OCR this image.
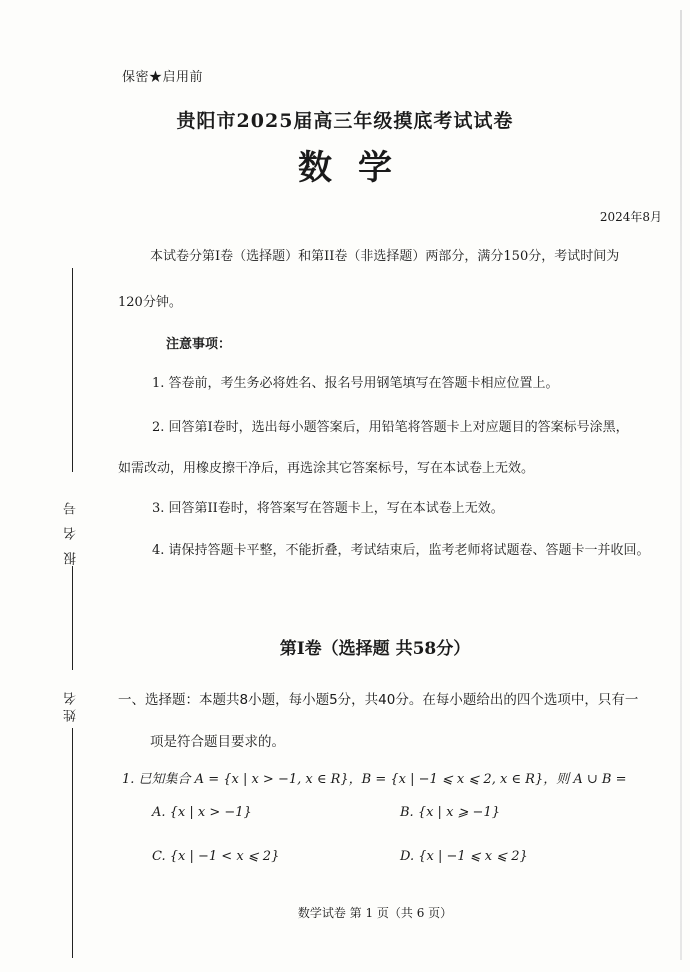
报名号
姓名
保密★启用前
贵阳市2025届高三年级摸底考试试卷
数学
2024年8月
本试卷分第I卷（选择题）和第II卷（非选择题）两部分，满分150分，考试时间为
120分钟。
注意事项：
1. 答卷前，考生务必将姓名、报名号用钢笔填写在答题卡相应位置上。
2. 回答第I卷时，选出每小题答案后，用铅笔将答题卡上对应题目的答案标号涂黑，
如需改动，用橡皮擦干净后，再选涂其它答案标号，写在本试卷上无效。
3. 回答第II卷时，将答案写在答题卡上，写在本试卷上无效。
4. 请保持答题卡平整，不能折叠，考试结束后，监考老师将试题卷、答题卡一并收回。
第I卷（选择题 共58分）
一、选择题：本题共8小题，每小题5分，共40分。在每小题给出的四个选项中，只有一
项是符合题目要求的。
1. 已知集合 A = {x | x > −1, x ∈ R}，B = {x | −1 ⩽ x ⩽ 2, x ∈ R}，则 A ∪ B =
A. {x | x > −1}	B. {x | x ⩾ −1}
C. {x | −1 < x ⩽ 2}	D. {x | −1 ⩽ x ⩽ 2}
数学试卷 第 1 页（共 6 页）
